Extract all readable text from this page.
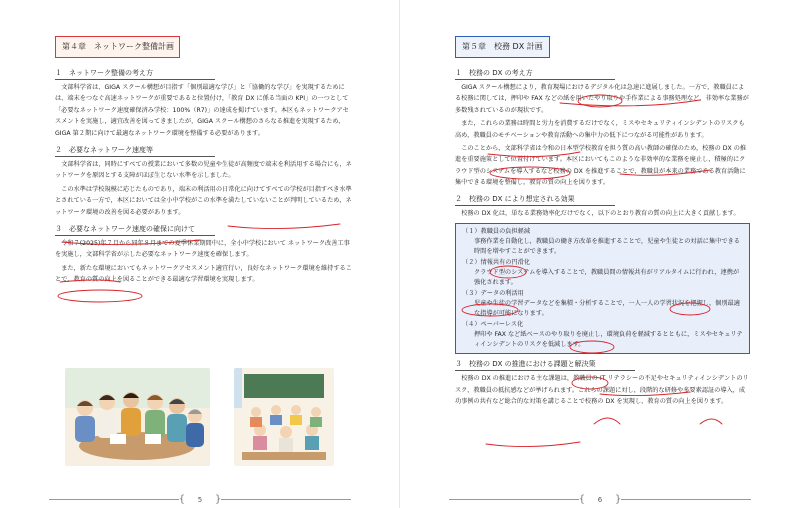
第４章　ネットワーク整備計画
１　ネットワーク整備の考え方
文部科学省は、GIGA スクール構想が目指す「個別最適な学び」と「協働的な学び」を実現するためには、端末をつなぐ高速ネットワークが重要であると位置付け，「教育 DX に係る当面の KPI」の一つとして「必要なネットワーク速度確保済み学校：100%（R7)」の達成を掲げています。本区もネットワークアセスメントを実施し，適宜改善を図ってきましたが，GIGA スクール構想のさらなる推進を実現するため，GIGA 第２期に向けて最適なネットワーク環境を整備する必要があります。
２　必要なネットワーク速度等
文部科学省は，同時にすべての授業において多数の児童や生徒が高頻度で端末を利活用する場合にも，ネットワークを原因とする支障がほぼ生じない水準を示しました。
この水準は学校規模に応じたものであり，端末の利活用の日常化に向けてすべての学校が目指すべき水準とされている一方で，本区においては全小中学校がこの水準を満たしていないことが判明しているため，ネットワーク環境の改善を図る必要があります。
３　必要なネットワーク速度の確保に向けて
令和７(2025)年７月から同年８月までの夏季休業期間中に，全小中学校において ネットワーク改善工事を実施し，文部科学省が示した必要なネットワーク速度を確保します。
また，新たな環境においてもネットワークアセスメント適宜行い，良好なネットワーク環境を維持することで，教育の質の向上を図ることができる最適な学習環境を実現します。
{	5	}
第５章　校務 DX 計画
１　校務の DX の考え方
GIGA スクール構想により，教育現場におけるデジタル化は急速に進展しました。一方で，教職員による校務に関しては，押印や FAX などの紙を用いたやり取りや手作業による事務処理など，非効率な業務が多数残されているのが現状です。
また，これらの業務は時間と労力を消費するだけでなく，ミスやセキュリティインシデントのリスクも高め，教職員のモチベーションや教育活動への集中力の低下につながる可能性があります。
このことから，文部科学省は令和の日本型学校教育を担う質の高い教師の確保のため，校務の DX の推進を重要施策として位置付けています。本区においてもこのような非効率的な業務を廃止し，積極的にクラウド型のシステムを導入するなど校務の DX を推進することで，教職員が本来の業務である教育活動に集中できる環境を整備し，教育の質の向上を図ります。
２　校務の DX により想定される効果
校務の DX 化は，単なる業務効率化だけでなく，以下のとおり教育の質の向上に大きく貢献します。
（１）教職員の負担軽減
事務作業を自動化し，教職員の働き方改革を推進することで，児童や生徒との対話に集中できる時間を増やすことができます。
（２）情報共有の円滑化
クラウド型のシステムを導入することで，教職員間の情報共有がリアルタイムに行われ，連携が強化されます。
（３）データの利活用
児童や生徒の学習データなどを集積・分析することで，一人一人の学習状況を把握し，個別最適な指導が可能になります。
（４）ペーパーレス化
押印や FAX など紙ベースのやり取りを廃止し，環境負荷を軽減するとともに，ミスやセキュリティインシデントのリスクを低減します。
３　校務の DX の推進における課題と解決策
校務の DX の推進における主な課題は，教職員の IT リテラシーの不足やセキュリティインシデントのリスク，教職員の抵抗感などが挙げられます。これらの課題に対し，段階的な研修や多要素認証の導入，成功事例の共有など総合的な対策を講じることで校務の DX を実現し，教育の質の向上を図ります。
{	6	}
